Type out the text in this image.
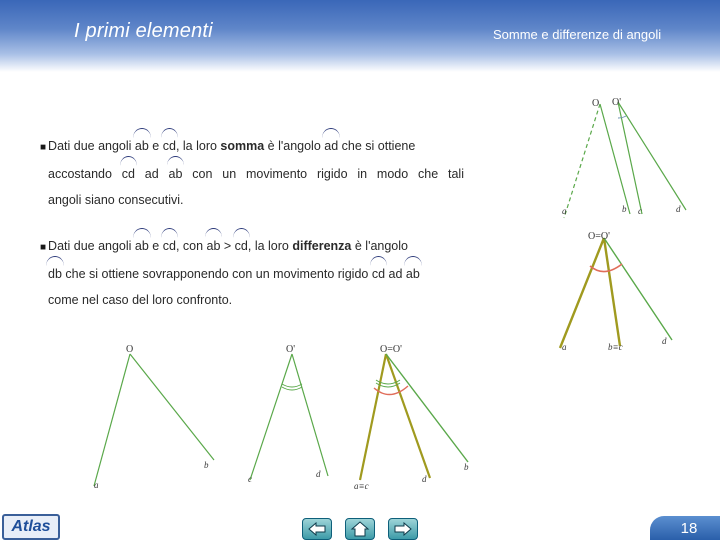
I primi elementi	Somme e differenze di angoli
■ Dati due angoli ab e cd, la loro somma è l'angolo ad che si ottiene
accostando cd ad ab con un movimento rigido in modo che tali
angoli siano consecutivi.
■ Dati due angoli ab e cd, con ab > cd, la loro differenza è l'angolo
db che si ottiene sovrapponendo con un movimento rigido cd ad ab
come nel caso del loro confronto.
O O'
a	b c	d
O=O'
a	b≡c
d
O
a
b
O'
c	d
O=O'
a≡c
d
b
Atlas	18
